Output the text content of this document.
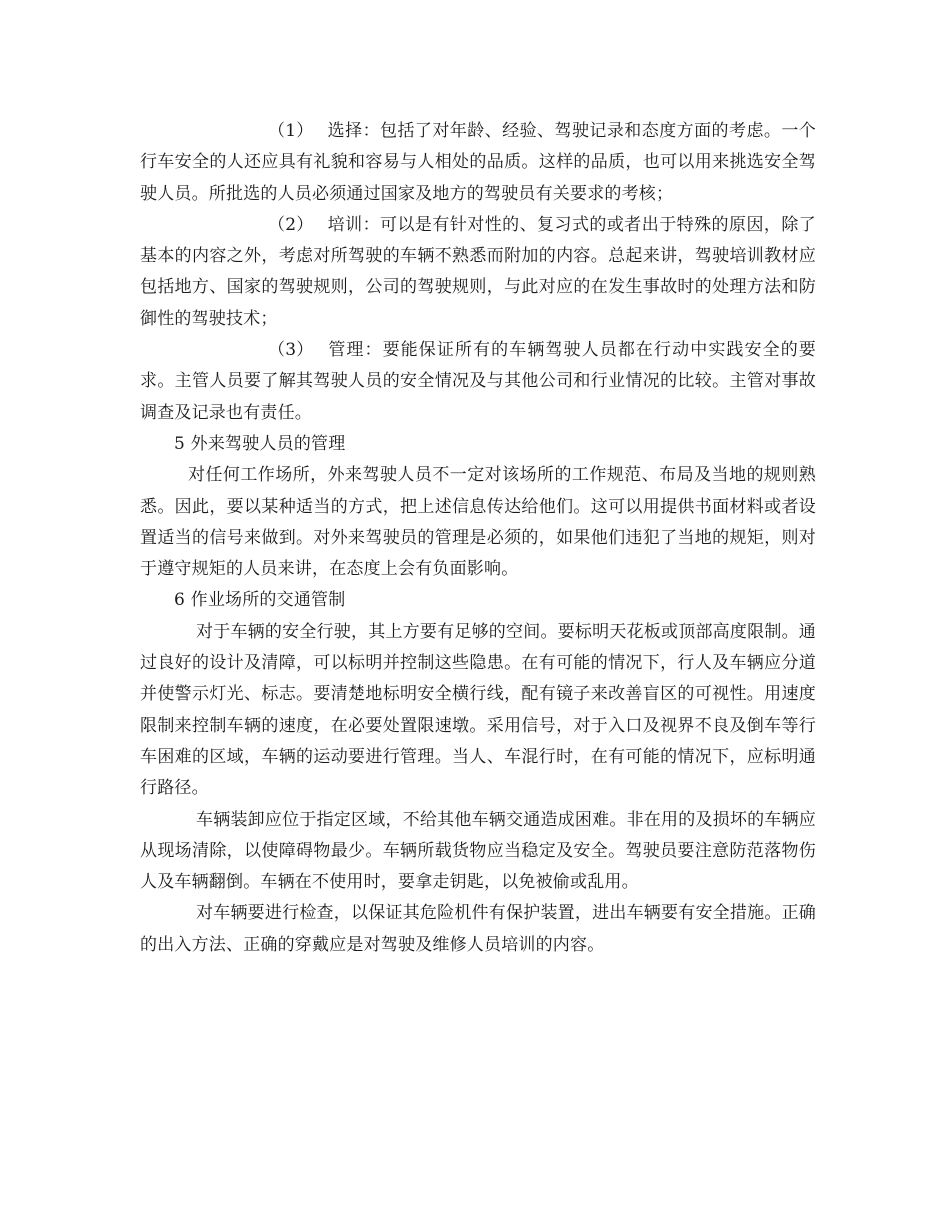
（1） 选择：包括了对年龄、经验、驾驶记录和态度方面的考虑。一个行车安全的人还应具有礼貌和容易与人相处的品质。这样的品质，也可以用来挑选安全驾驶人员。所批选的人员必须通过国家及地方的驾驶员有关要求的考核；

（2） 培训：可以是有针对性的、复习式的或者出于特殊的原因，除了基本的内容之外，考虑对所驾驶的车辆不熟悉而附加的内容。总起来讲，驾驶培训教材应包括地方、国家的驾驶规则，公司的驾驶规则，与此对应的在发生事故时的处理方法和防御性的驾驶技术；

（3） 管理：要能保证所有的车辆驾驶人员都在行动中实践安全的要求。主管人员要了解其驾驶人员的安全情况及与其他公司和行业情况的比较。主管对事故调查及记录也有责任。

5 外来驾驶人员的管理

对任何工作场所，外来驾驶人员不一定对该场所的工作规范、布局及当地的规则熟悉。因此，要以某种适当的方式，把上述信息传达给他们。这可以用提供书面材料或者设置适当的信号来做到。对外来驾驶员的管理是必须的，如果他们违犯了当地的规矩，则对于遵守规矩的人员来讲，在态度上会有负面影响。

6 作业场所的交通管制

对于车辆的安全行驶，其上方要有足够的空间。要标明天花板或顶部高度限制。通过良好的设计及清障，可以标明并控制这些隐患。在有可能的情况下，行人及车辆应分道并使警示灯光、标志。要清楚地标明安全横行线，配有镜子来改善盲区的可视性。用速度限制来控制车辆的速度，在必要处置限速墩。采用信号，对于入口及视界不良及倒车等行车困难的区域，车辆的运动要进行管理。当人、车混行时，在有可能的情况下，应标明通行路径。

车辆装卸应位于指定区域，不给其他车辆交通造成困难。非在用的及损坏的车辆应从现场清除，以使障碍物最少。车辆所载货物应当稳定及安全。驾驶员要注意防范落物伤人及车辆翻倒。车辆在不使用时，要拿走钥匙，以免被偷或乱用。

对车辆要进行检查，以保证其危险机件有保护装置，进出车辆要有安全措施。正确的出入方法、正确的穿戴应是对驾驶及维修人员培训的内容。
